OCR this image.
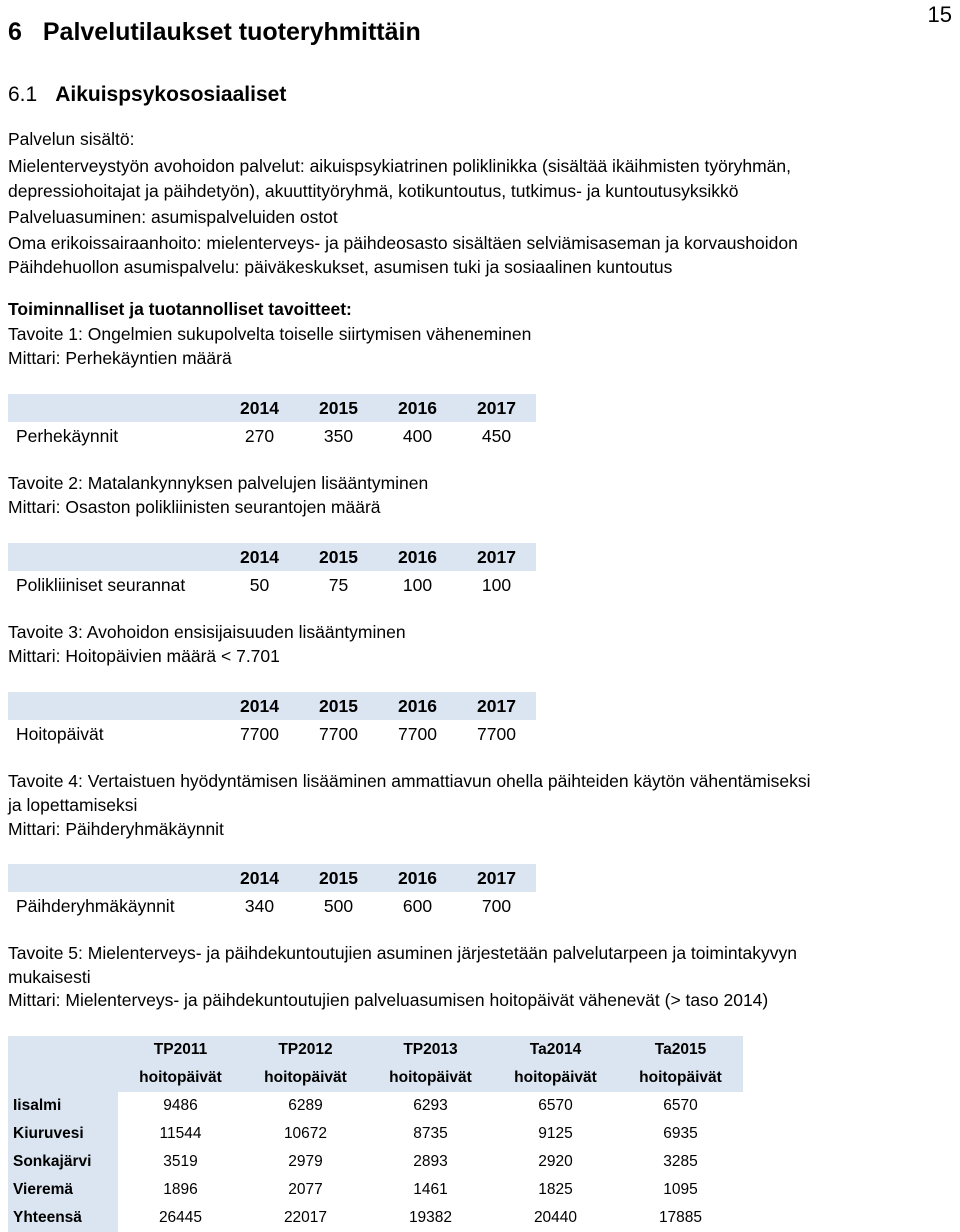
15
6 Palvelutilaukset tuoteryhmittäin
6.1 Aikuispsykososiaaliset
Palvelun sisältö:
Mielenterveystyön avohoidon palvelut: aikuispsykiatrinen poliklinikka (sisältää ikäihmisten työryhmän,
depressiohoitajat ja päihdetyön), akuuttityöryhmä, kotikuntoutus, tutkimus- ja kuntoutusyksikkö
Palveluasuminen: asumispalveluiden ostot
Oma erikoissairaanhoito: mielenterveys- ja päihdeosasto sisältäen selviämisaseman ja korvaushoidon
Päihdehuollon asumispalvelu: päiväkeskukset, asumisen tuki ja sosiaalinen kuntoutus
Toiminnalliset ja tuotannolliset tavoitteet:
Tavoite 1: Ongelmien sukupolvelta toiselle siirtymisen väheneminen
Mittari: Perhekäyntien määrä
	2014	2015	2016	2017
Perhekäynnit	270	350	400	450
Tavoite 2: Matalankynnyksen palvelujen lisääntyminen
Mittari: Osaston polikliinisten seurantojen määrä
	2014	2015	2016	2017
Polikliiniset seurannat	50	75	100	100
Tavoite 3: Avohoidon ensisijaisuuden lisääntyminen
Mittari: Hoitopäivien määrä < 7.701
	2014	2015	2016	2017
Hoitopäivät	7700	7700	7700	7700
Tavoite 4: Vertaistuen hyödyntämisen lisääminen ammattiavun ohella päihteiden käytön vähentämiseksi
ja lopettamiseksi
Mittari: Päihderyhmäkäynnit
	2014	2015	2016	2017
Päihderyhmäkäynnit	340	500	600	700
Tavoite 5: Mielenterveys- ja päihdekuntoutujien asuminen järjestetään palvelutarpeen ja toimintakyvyn
mukaisesti
Mittari: Mielenterveys- ja päihdekuntoutujien palveluasumisen hoitopäivät vähenevät (> taso 2014)
	TP2011	TP2012	TP2013	Ta2014	Ta2015
	hoitopäivät	hoitopäivät	hoitopäivät	hoitopäivät	hoitopäivät
Iisalmi	9486	6289	6293	6570	6570
Kiuruvesi	11544	10672	8735	9125	6935
Sonkajärvi	3519	2979	2893	2920	3285
Vieremä	1896	2077	1461	1825	1095
Yhteensä	26445	22017	19382	20440	17885
